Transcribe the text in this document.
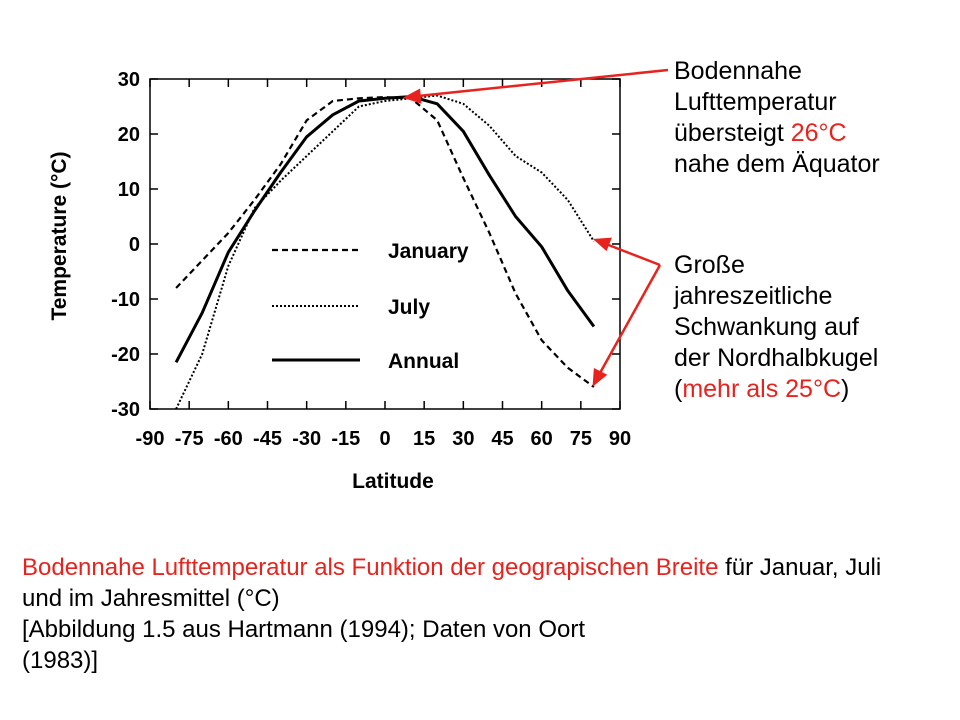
30
20
10
0
-10
-20
-30
-90 -75 -60 -45 -30 -15 0 15 30 45 60 75 90
January
July
Annual
Latitude
Temperature (°C)
Bodennahe
Lufttemperatur
übersteigt 26°C
nahe dem Äquator
Große
jahreszeitliche
Schwankung auf
der Nordhalbkugel
(mehr als 25°C)
Bodennahe Lufttemperatur als Funktion der geograpischen Breite für Januar, Juli und im Jahresmittel (°C)
[Abbildung 1.5 aus Hartmann (1994); Daten von Oort
(1983)]
